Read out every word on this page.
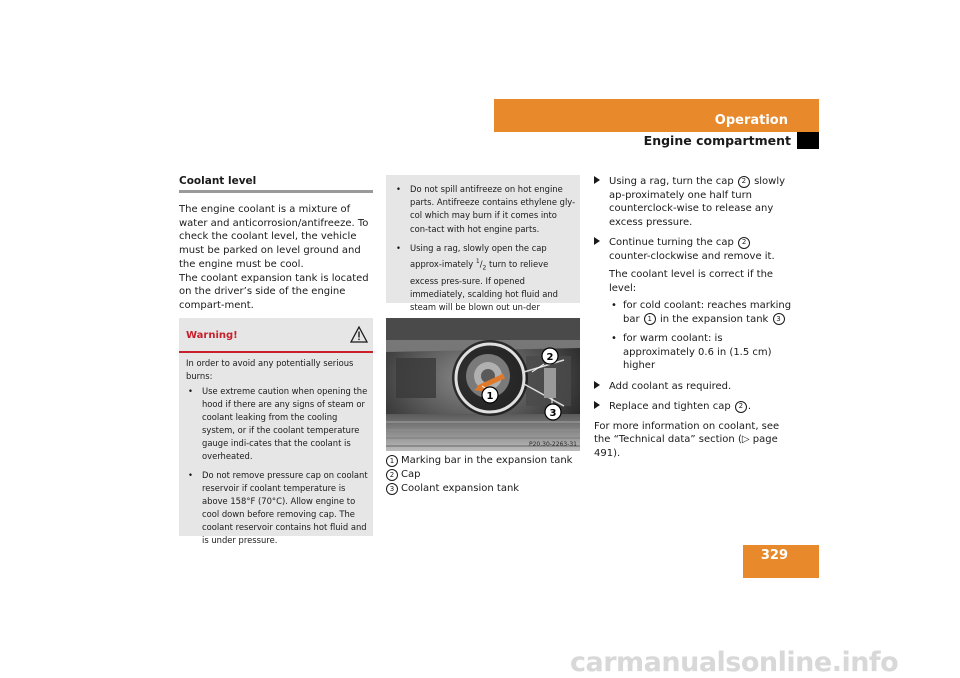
Operation
Engine compartment
Coolant level

The engine coolant is a mixture of water and anticorrosion/antifreeze. To check the coolant level, the vehicle must be parked on level ground and the engine must be cool.

The coolant expansion tank is located on the driver’s side of the engine compart-ment.

Warning!
In order to avoid any potentially serious burns:
• Use extreme caution when opening the hood if there are any signs of steam or coolant leaking from the cooling system, or if the coolant temperature gauge indi-cates that the coolant is overheated.
• Do not remove pressure cap on coolant reservoir if coolant temperature is above 158°F (70°C). Allow engine to cool down before removing cap. The coolant reservoir contains hot fluid and is under pressure.
• Do not spill antifreeze on hot engine parts. Antifreeze contains ethylene gly-col which may burn if it comes into con-tact with hot engine parts.
• Using a rag, slowly open the cap approx-imately $^1/_2$ turn to relieve excess pres-sure. If opened immediately, scalding hot fluid and steam will be blown out un-der
1
2
3
P20.30-2263-31
1 Marking bar in the expansion tank
2 Cap
3 Coolant expansion tank
Using a rag, turn the cap 2 slowly ap-proximately one half turn counterclock-wise to release any excess pressure.
Continue turning the cap 2 counter-clockwise and remove it.
The coolant level is correct if the level:
• for cold coolant: reaches marking bar 1 in the expansion tank 3
• for warm coolant: is approximately 0.6 in (1.5 cm) higher
Add coolant as required.
Replace and tighten cap 2 .
For more information on coolant, see the “Technical data” section (▷ page 491).
329
carmanualsonline.info
